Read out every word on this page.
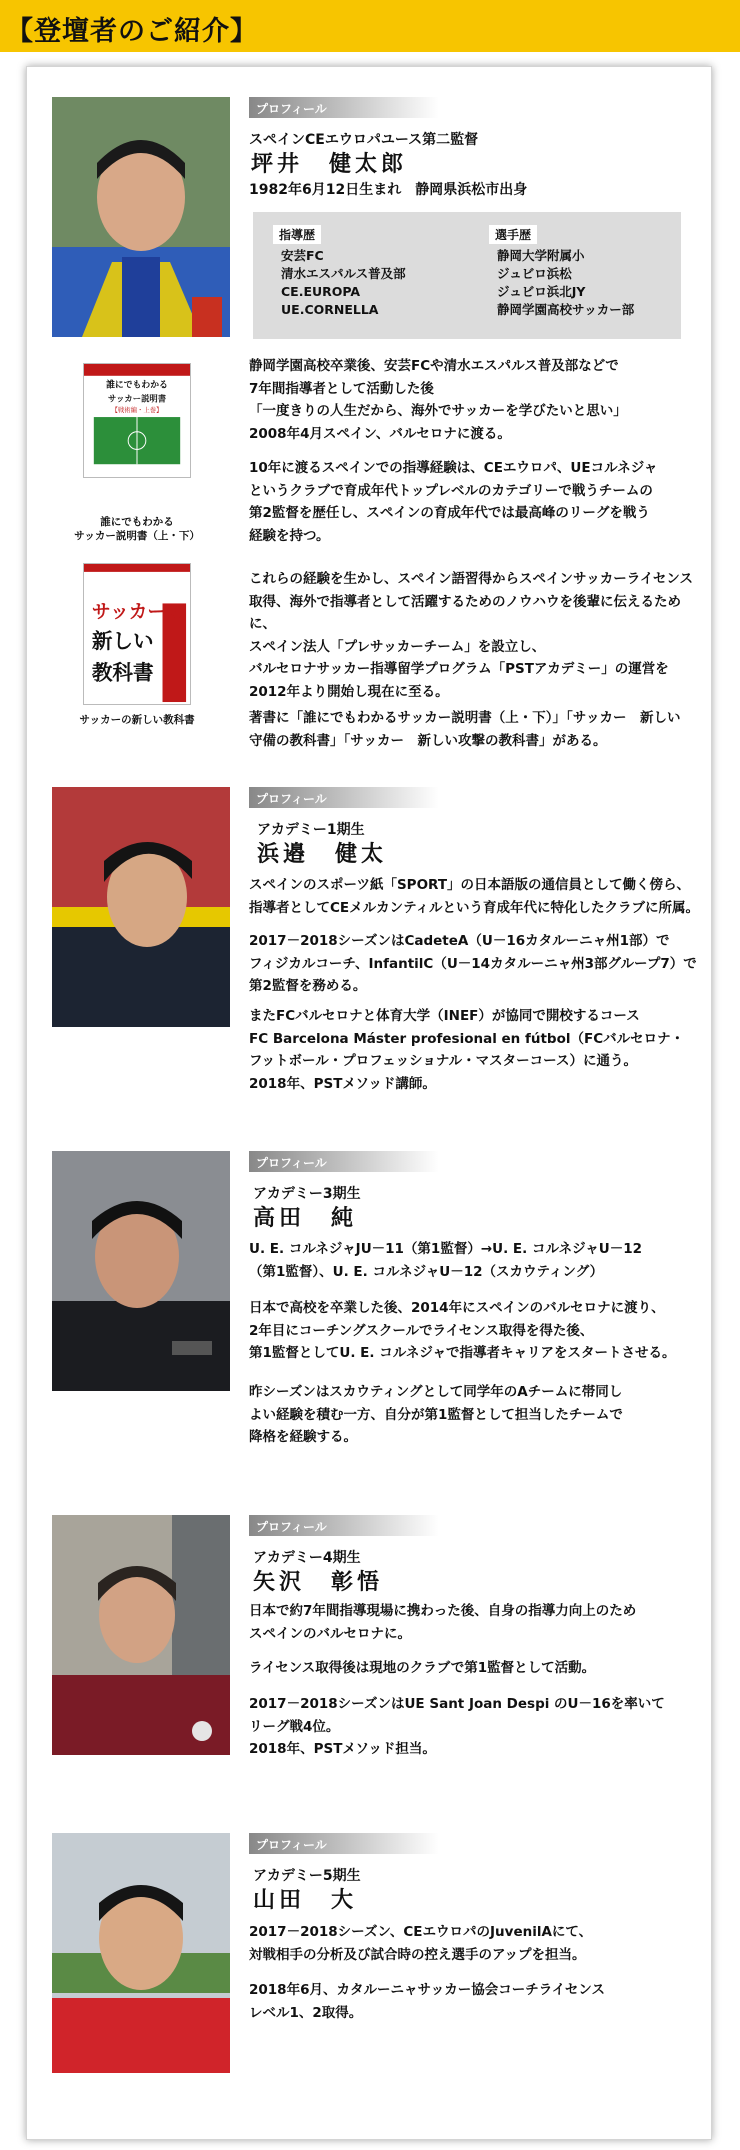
【登壇者のご紹介】
プロフィール
スペインCEエウロパユース第二監督
坪井　健太郎
1982年6月12日生まれ　静岡県浜松市出身
指導歴
安芸FC
清水エスパルス普及部
CE.EUROPA
UE.CORNELLA
選手歴
静岡大学附属小
ジュビロ浜松
ジュビロ浜北JY
静岡学園高校サッカー部
誰にでもわかる
サッカー説明書
【戦術編・上巻】
誰にでもわかる
サッカー説明書（上・下）
サッカーの
新しい
教科書
サッカーの新しい教科書
静岡学園高校卒業後、安芸FCや清水エスパルス普及部などで
7年間指導者として活動した後
「一度きりの人生だから、海外でサッカーを学びたいと思い」
2008年4月スペイン、バルセロナに渡る。
10年に渡るスペインでの指導経験は、CEエウロパ、UEコルネジャ
というクラブで育成年代トップレベルのカテゴリーで戦うチームの
第2監督を歴任し、スペインの育成年代では最高峰のリーグを戦う
経験を持つ。
これらの経験を生かし、スペイン語習得からスペインサッカーライセンス
取得、海外で指導者として活躍するためのノウハウを後輩に伝えるために、
スペイン法人「プレサッカーチーム」を設立し、
バルセロナサッカー指導留学プログラム「PSTアカデミー」の運営を
2012年より開始し現在に至る。
著書に「誰にでもわかるサッカー説明書（上・下）」「サッカー　新しい
守備の教科書」「サッカー　新しい攻撃の教科書」がある。
プロフィール
アカデミー1期生
浜邉　健太
スペインのスポーツ紙「SPORT」の日本語版の通信員として働く傍ら、
指導者としてCEメルカンティルという育成年代に特化したクラブに所属。
2017－2018シーズンはCadeteA（U－16カタルーニャ州1部）で
フィジカルコーチ、InfantilC（U－14カタルーニャ州3部グループ7）で
第2監督を務める。
またFCバルセロナと体育大学（INEF）が協同で開校するコース
FC Barcelona Máster profesional en fútbol（FCバルセロナ・
フットボール・プロフェッショナル・マスターコース）に通う。
2018年、PSTメソッド講師。
プロフィール
アカデミー3期生
高田　純
U. E. コルネジャJU－11（第1監督）→U. E. コルネジャU－12
（第1監督）、U. E. コルネジャU－12（スカウティング）
日本で高校を卒業した後、2014年にスペインのバルセロナに渡り、
2年目にコーチングスクールでライセンス取得を得た後、
第1監督としてU. E. コルネジャで指導者キャリアをスタートさせる。
昨シーズンはスカウティングとして同学年のAチームに帯同し
よい経験を積む一方、自分が第1監督として担当したチームで
降格を経験する。
プロフィール
アカデミー4期生
矢沢　彰悟
日本で約7年間指導現場に携わった後、自身の指導力向上のため
スペインのバルセロナに。
ライセンス取得後は現地のクラブで第1監督として活動。
2017－2018シーズンはUE Sant Joan Despi のU－16を率いて
リーグ戦4位。
2018年、PSTメソッド担当。
プロフィール
アカデミー5期生
山田　大
2017－2018シーズン、CEエウロパのJuvenilAにて、
対戦相手の分析及び試合時の控え選手のアップを担当。
2018年6月、カタルーニャサッカー協会コーチライセンス
レベル1、2取得。
